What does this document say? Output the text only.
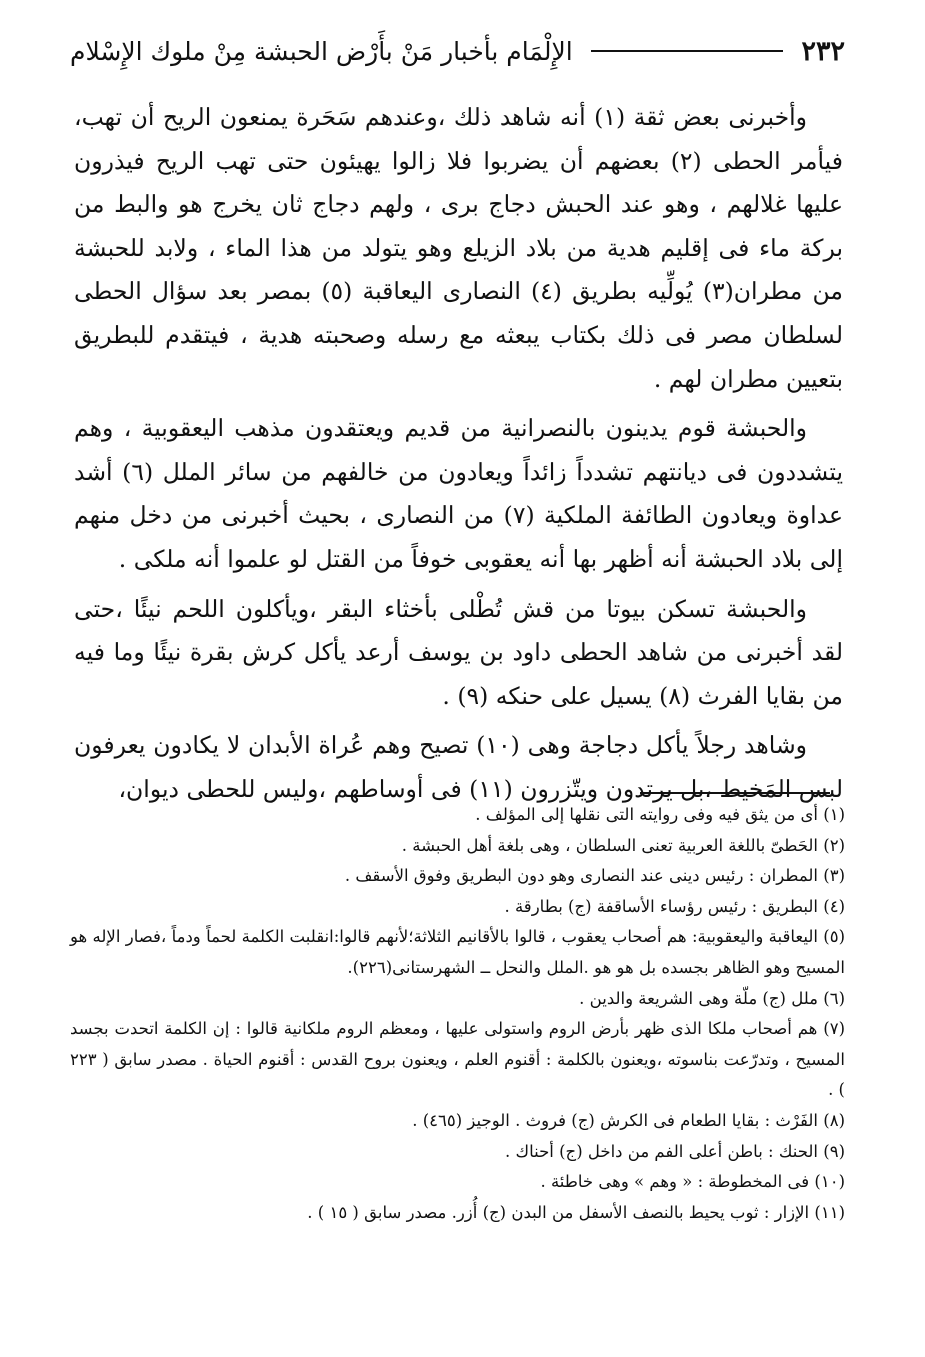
٢٣٢
الإِلْمَام بأخبار مَنْ بأَرْض الحبشة مِنْ ملوك الإِسْلام

وأخبرنى بعض ثقة (١) أنه شاهد ذلك ،وعندهم سَحَرة يمنعون الريح أن تهب، فيأمر الحطى (٢) بعضهم أن يضربوا فلا زالوا يهيئون حتى تهب الريح فيذرون عليها غلالهم ، وهو عند الحبش دجاج برى ، ولهم دجاج ثان يخرج هو والبط من بركة ماء فى إقليم هدية من بلاد الزيلع وهو يتولد من هذا الماء ، ولابد للحبشة من مطران(٣) يُولِّيه بطريق (٤) النصارى اليعاقبة (٥) بمصر بعد سؤال الحطى لسلطان مصر فى ذلك بكتاب يبعثه مع رسله وصحبته هدية ، فيتقدم للبطريق بتعيين مطران لهم .

والحبشة قوم يدينون بالنصرانية من قديم ويعتقدون مذهب اليعقوبية ، وهم يتشددون فى ديانتهم تشدداً زائداً ويعادون من خالفهم من سائر الملل (٦) أشد عداوة ويعادون الطائفة الملكية (٧) من النصارى ، بحيث أخبرنى من دخل منهم إلى بلاد الحبشة أنه أظهر بها أنه يعقوبى خوفاً من القتل لو علموا أنه ملكى .

والحبشة تسكن بيوتا من قش تُطْلى بأخثاء البقر ،ويأكلون اللحم نيئًا ،حتى لقد أخبرنى من شاهد الحطى داود بن يوسف أرعد يأكل كرش بقرة نيئًا وما فيه من بقايا الفرث (٨) يسيل على حنكه (٩) .

وشاهد رجلاً يأكل دجاجة وهى (١٠) تصيح وهم عُراة الأبدان لا يكادون يعرفون لبس المَخيط ،بل يرتدون ويتّزرون (١١) فى أوساطهم ،وليس للحطى ديوان،

(١) أى من يثق فيه وفى روايته التى نقلها إلى المؤلف .

(٢) الحَطىّ باللغة العربية تعنى السلطان ، وهى بلغة أهل الحبشة .

(٣) المطران : رئيس دينى عند النصارى وهو دون البطريق وفوق الأسقف .

(٤) البطريق : رئيس رؤساء الأساقفة (ج) بطارقة .

(٥) اليعاقبة واليعقوبية: هم أصحاب يعقوب ، قالوا بالأقانيم الثلاثة؛لأنهم قالوا:انقلبت الكلمة لحماً ودماً ،فصار الإله هو المسيح وهو الظاهر بجسده بل هو هو .الملل والنحل ــ الشهرستانى(٢٢٦).

(٦) ملل (ج) ملّة وهى الشريعة والدين .

(٧) هم أصحاب ملكا الذى ظهر بأرض الروم واستولى عليها ، ومعظم الروم ملكانية قالوا : إن الكلمة اتحدت بجسد المسيح ، وتدرّعت بناسوته ،ويعنون بالكلمة : أقنوم العلم ، ويعنون بروح القدس : أقنوم الحياة . مصدر سابق ( ٢٢٣ ) .

(٨) الفَرْث : بقايا الطعام فى الكرش (ج) فروث . الوجيز (٤٦٥) .

(٩) الحنك : باطن أعلى الفم من داخل (ج) أحناك .

(١٠) فى المخطوطة : « وهم » وهى خاطئة .

(١١) الإزار : ثوب يحيط بالنصف الأسفل من البدن (ج) أُزر. مصدر سابق ( ١٥ ) .
